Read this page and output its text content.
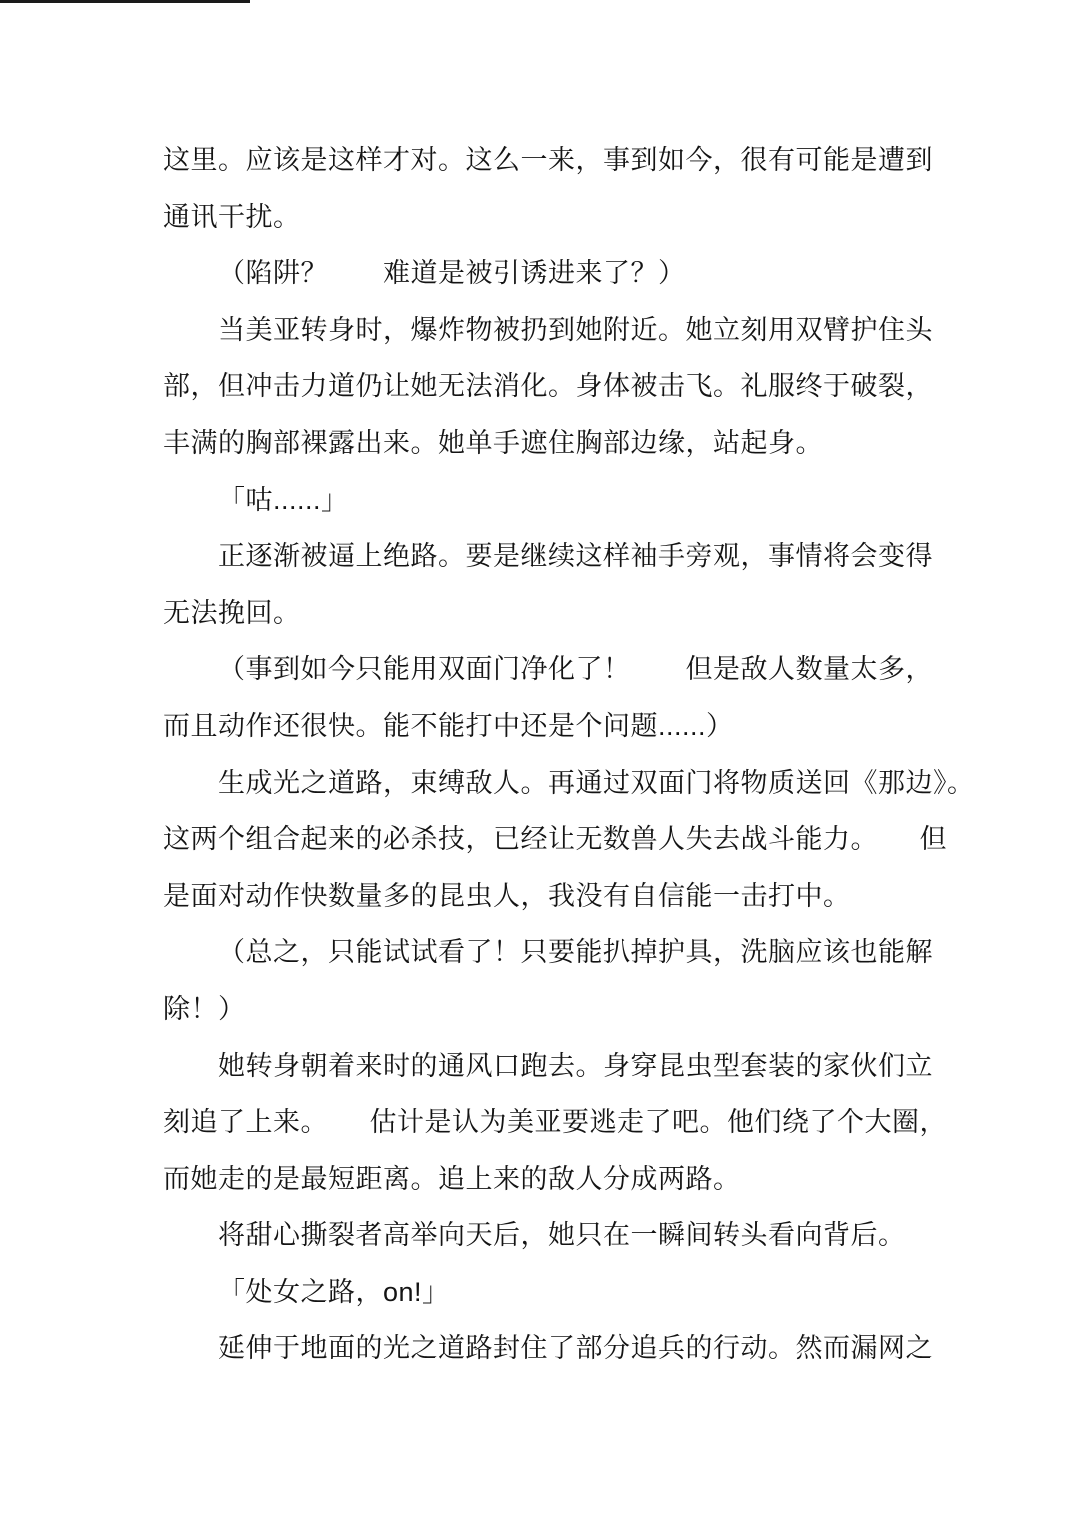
这里。应该是这样才对。这么一来，事到如今，很有可能是遭到
通讯干扰。
（陷阱？　　难道是被引诱进来了？）
当美亚转身时，爆炸物被扔到她附近。她立刻用双臂护住头
部，但冲击力道仍让她无法消化。身体被击飞。礼服终于破裂，
丰满的胸部裸露出来。她单手遮住胸部边缘，站起身。
「咕......」
正逐渐被逼上绝路。要是继续这样袖手旁观，事情将会变得
无法挽回。
（事到如今只能用双面门净化了！　　但是敌人数量太多，
而且动作还很快。能不能打中还是个问题......）
生成光之道路，束缚敌人。再通过双面门将物质送回《那边》。
这两个组合起来的必杀技，已经让无数兽人失去战斗能力。　　但
是面对动作快数量多的昆虫人，我没有自信能一击打中。
（总之，只能试试看了！只要能扒掉护具，洗脑应该也能解
除！）
她转身朝着来时的通风口跑去。身穿昆虫型套装的家伙们立
刻追了上来。　　估计是认为美亚要逃走了吧。他们绕了个大圈，
而她走的是最短距离。追上来的敌人分成两路。
将甜心撕裂者高举向天后，她只在一瞬间转头看向背后。
「处女之路，on!」
延伸于地面的光之道路封住了部分追兵的行动。然而漏网之
